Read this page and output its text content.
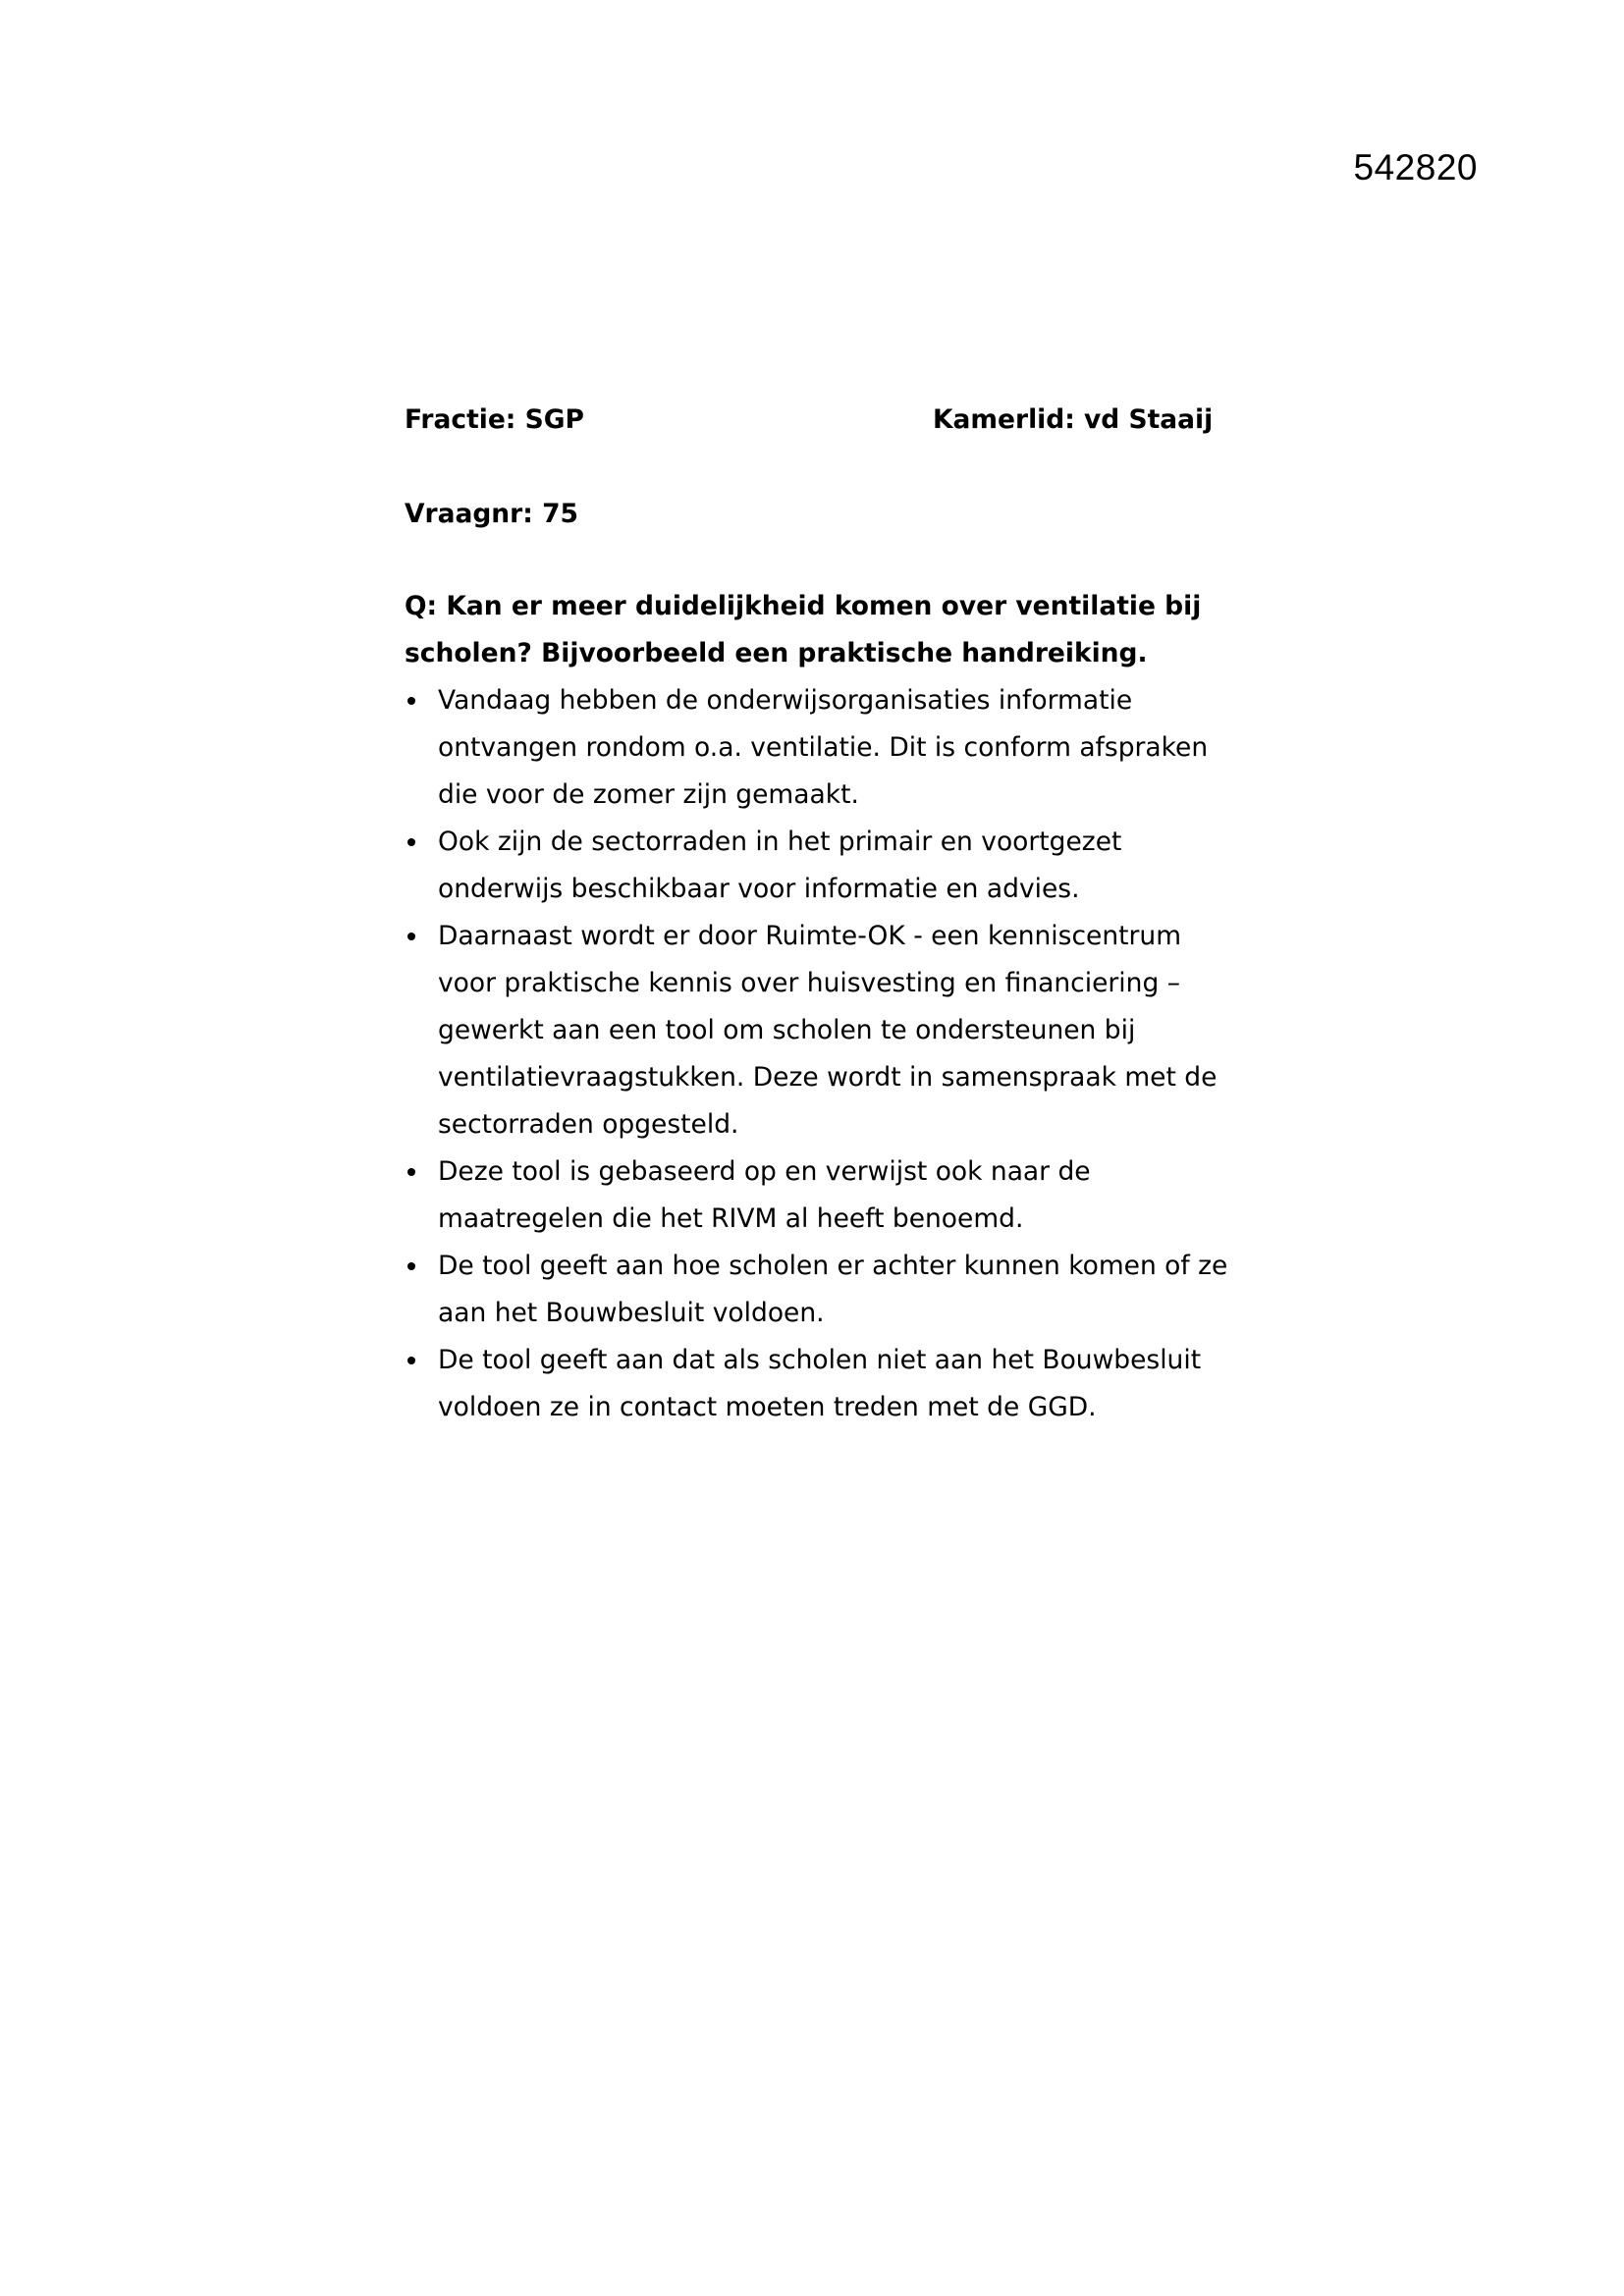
542820
Fractie: SGP	Kamerlid: vd Staaij
Vraagnr: 75
Q: Kan er meer duidelijkheid komen over ventilatie bij scholen? Bijvoorbeeld een praktische handreiking.
Vandaag hebben de onderwijsorganisaties informatie ontvangen rondom o.a. ventilatie. Dit is conform afspraken die voor de zomer zijn gemaakt.
Ook zijn de sectorraden in het primair en voortgezet onderwijs beschikbaar voor informatie en advies.
Daarnaast wordt er door Ruimte-OK - een kenniscentrum voor praktische kennis over huisvesting en financiering – gewerkt aan een tool om scholen te ondersteunen bij ventilatievraagstukken. Deze wordt in samenspraak met de sectorraden opgesteld.
Deze tool is gebaseerd op en verwijst ook naar de maatregelen die het RIVM al heeft benoemd.
De tool geeft aan hoe scholen er achter kunnen komen of ze aan het Bouwbesluit voldoen.
De tool geeft aan dat als scholen niet aan het Bouwbesluit voldoen ze in contact moeten treden met de GGD.
